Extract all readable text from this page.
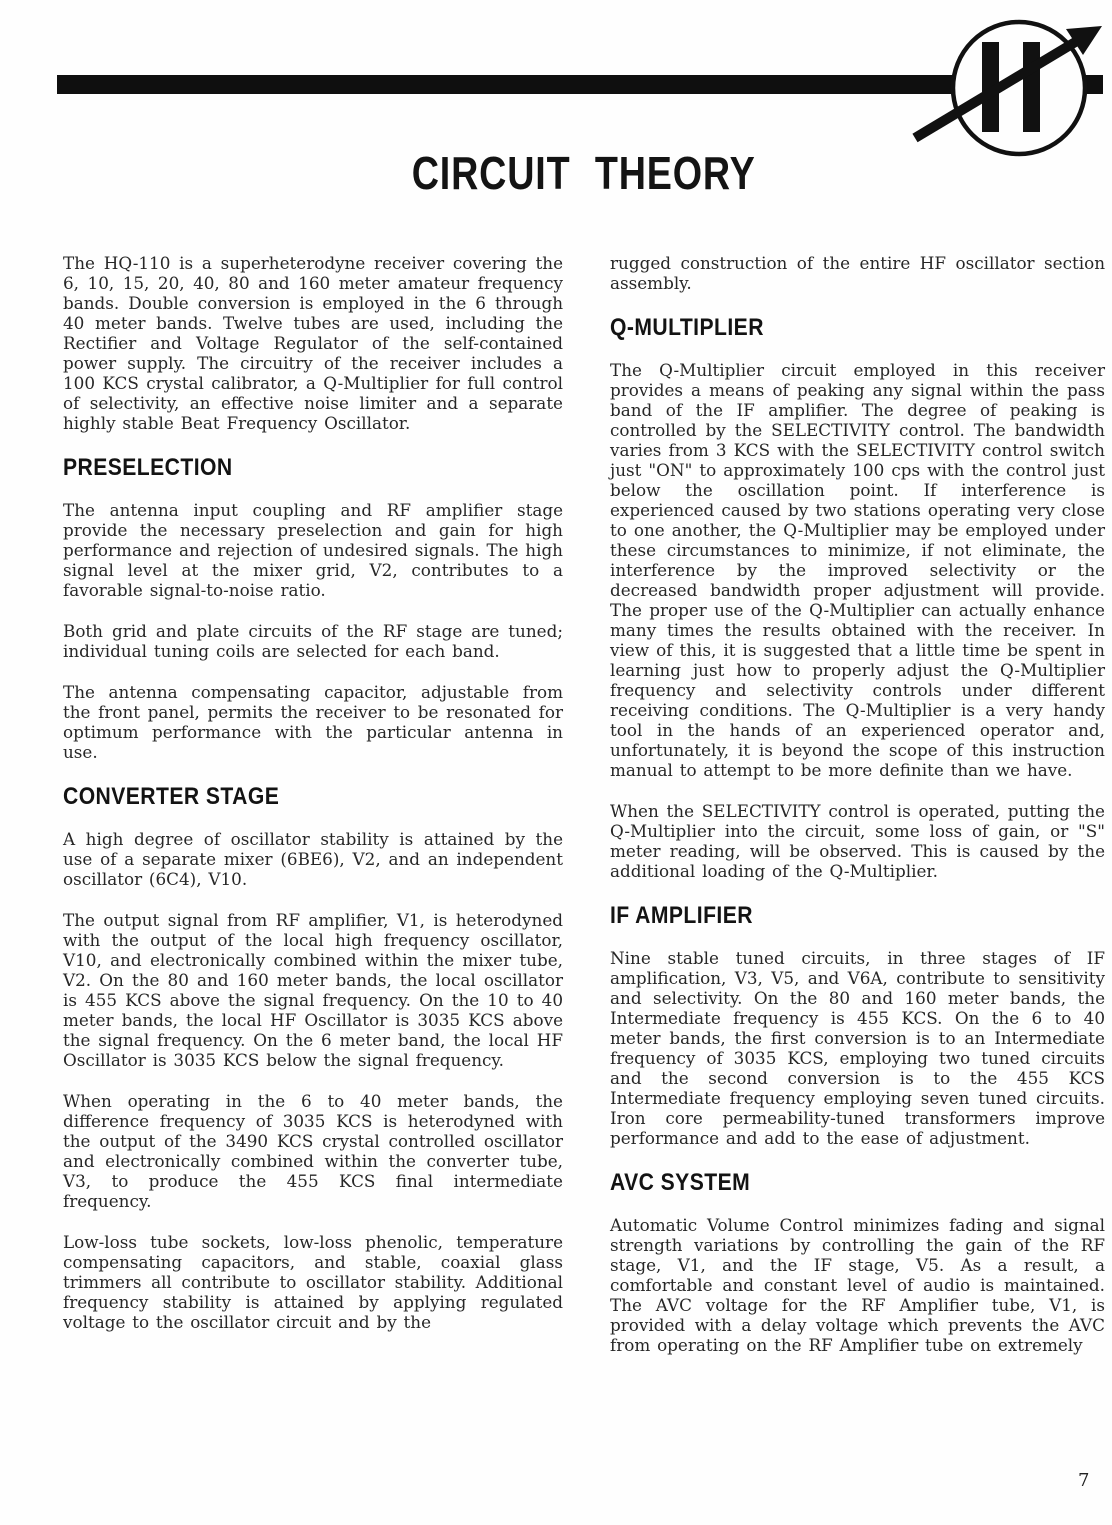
CIRCUIT THEORY

The HQ-110 is a superheterodyne receiver covering the 6, 10, 15, 20, 40, 80 and 160 meter amateur frequency bands. Double conversion is employed in the 6 through 40 meter bands. Twelve tubes are used, including the Rectifier and Voltage Regulator of the self-contained power supply. The circuitry of the receiver includes a 100 KCS crystal calibrator, a Q-Multiplier for full control of selectivity, an effective noise limiter and a separate highly stable Beat Frequency Oscillator.

PRESELECTION

The antenna input coupling and RF amplifier stage provide the necessary preselection and gain for high performance and rejection of undesired signals. The high signal level at the mixer grid, V2, contributes to a favorable signal-to-noise ratio.

Both grid and plate circuits of the RF stage are tuned; individual tuning coils are selected for each band.

The antenna compensating capacitor, adjustable from the front panel, permits the receiver to be resonated for optimum performance with the particular antenna in use.

CONVERTER STAGE

A high degree of oscillator stability is attained by the use of a separate mixer (6BE6), V2, and an independent oscillator (6C4), V10.

The output signal from RF amplifier, V1, is heterodyned with the output of the local high frequency oscillator, V10, and electronically combined within the mixer tube, V2. On the 80 and 160 meter bands, the local oscillator is 455 KCS above the signal frequency. On the 10 to 40 meter bands, the local HF Oscillator is 3035 KCS above the signal frequency. On the 6 meter band, the local HF Oscillator is 3035 KCS below the signal frequency.

When operating in the 6 to 40 meter bands, the difference frequency of 3035 KCS is heterodyned with the output of the 3490 KCS crystal controlled oscillator and electronically combined within the converter tube, V3, to produce the 455 KCS final intermediate frequency.

Low-loss tube sockets, low-loss phenolic, temperature compensating capacitors, and stable, coaxial glass trimmers all contribute to oscillator stability. Additional frequency stability is attained by applying regulated voltage to the oscillator circuit and by the

rugged construction of the entire HF oscillator section assembly.

Q-MULTIPLIER

The Q-Multiplier circuit employed in this receiver provides a means of peaking any signal within the pass band of the IF amplifier. The degree of peaking is controlled by the SELECTIVITY control. The bandwidth varies from 3 KCS with the SELECTIVITY control switch just "ON" to approximately 100 cps with the control just below the oscillation point. If interference is experienced caused by two stations operating very close to one another, the Q-Multiplier may be employed under these circumstances to minimize, if not eliminate, the interference by the improved selectivity or the decreased bandwidth proper adjustment will provide. The proper use of the Q-Multiplier can actually enhance many times the results obtained with the receiver. In view of this, it is suggested that a little time be spent in learning just how to properly adjust the Q-Multiplier frequency and selectivity controls under different receiving conditions. The Q-Multiplier is a very handy tool in the hands of an experienced operator and, unfortunately, it is beyond the scope of this instruction manual to attempt to be more definite than we have.

When the SELECTIVITY control is operated, putting the Q-Multiplier into the circuit, some loss of gain, or "S" meter reading, will be observed. This is caused by the additional loading of the Q-Multiplier.

IF AMPLIFIER

Nine stable tuned circuits, in three stages of IF amplification, V3, V5, and V6A, contribute to sensitivity and selectivity. On the 80 and 160 meter bands, the Intermediate frequency is 455 KCS. On the 6 to 40 meter bands, the first conversion is to an Intermediate frequency of 3035 KCS, employing two tuned circuits and the second conversion is to the 455 KCS Intermediate frequency employing seven tuned circuits. Iron core permeability-tuned transformers improve performance and add to the ease of adjustment.

AVC SYSTEM

Automatic Volume Control minimizes fading and signal strength variations by controlling the gain of the RF stage, V1, and the IF stage, V5. As a result, a comfortable and constant level of audio is maintained. The AVC voltage for the RF Amplifier tube, V1, is provided with a delay voltage which prevents the AVC from operating on the RF Amplifier tube on extremely

7
